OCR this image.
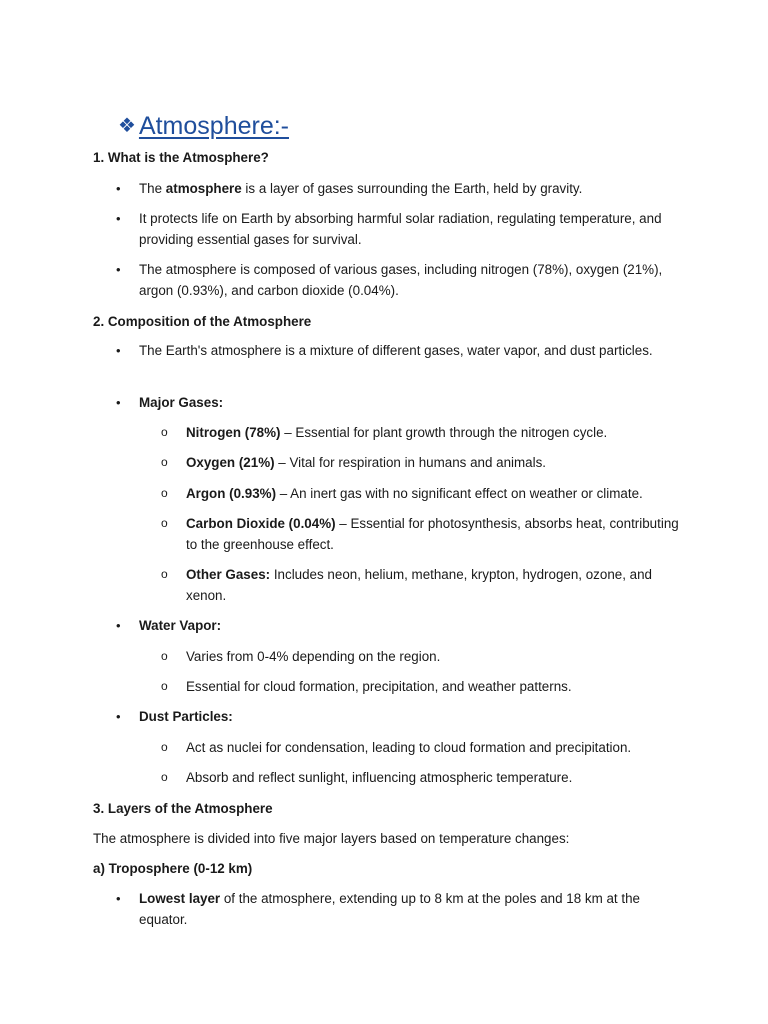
❖ Atmosphere:-
1. What is the Atmosphere?
• The atmosphere is a layer of gases surrounding the Earth, held by gravity.
• It protects life on Earth by absorbing harmful solar radiation, regulating temperature, and providing essential gases for survival.
• The atmosphere is composed of various gases, including nitrogen (78%), oxygen (21%), argon (0.93%), and carbon dioxide (0.04%).
2. Composition of the Atmosphere
• The Earth's atmosphere is a mixture of different gases, water vapor, and dust particles.
• Major Gases:
o Nitrogen (78%) – Essential for plant growth through the nitrogen cycle.
o Oxygen (21%) – Vital for respiration in humans and animals.
o Argon (0.93%) – An inert gas with no significant effect on weather or climate.
o Carbon Dioxide (0.04%) – Essential for photosynthesis, absorbs heat, contributing to the greenhouse effect.
o Other Gases: Includes neon, helium, methane, krypton, hydrogen, ozone, and xenon.
• Water Vapor:
o Varies from 0-4% depending on the region.
o Essential for cloud formation, precipitation, and weather patterns.
• Dust Particles:
o Act as nuclei for condensation, leading to cloud formation and precipitation.
o Absorb and reflect sunlight, influencing atmospheric temperature.
3. Layers of the Atmosphere
The atmosphere is divided into five major layers based on temperature changes:
a) Troposphere (0-12 km)
• Lowest layer of the atmosphere, extending up to 8 km at the poles and 18 km at the equator.
